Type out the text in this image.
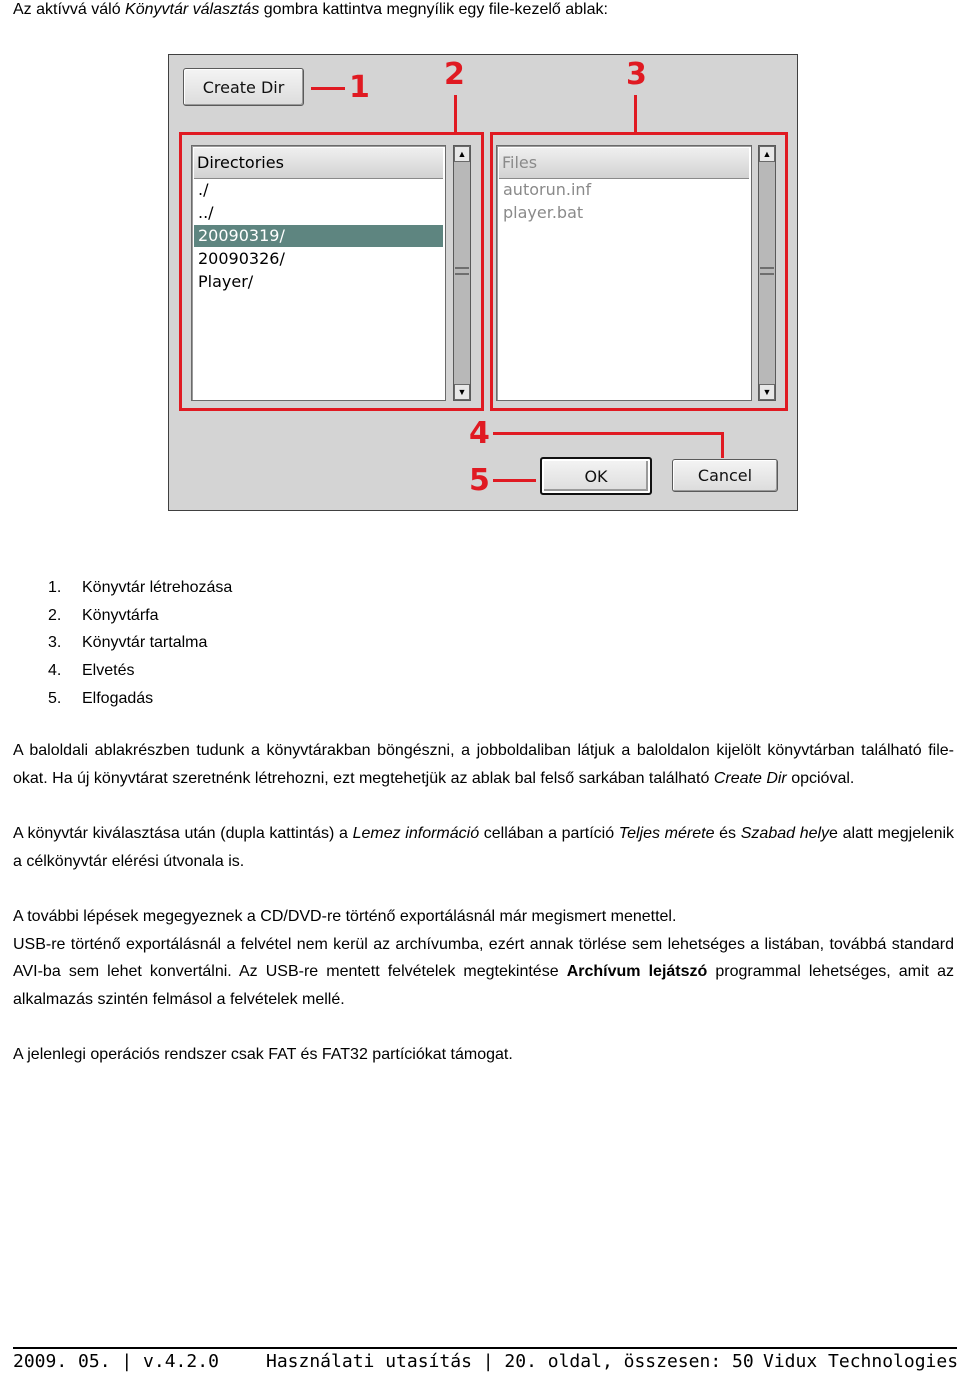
Az aktívvá váló Könyvtár választás gombra kattintva megnyílik egy file-kezelő ablak:
Create Dir	1 2	3
Directories
./
../
20090319/
20090326/
Player/
▲
▼
Files
autorun.inf
player.bat
▲
▼
4
5	OK	Cancel
1.	Könyvtár létrehozása
2.	Könyvtárfa
3.	Könyvtár tartalma
4.	Elvetés
5.	Elfogadás

A baloldali ablakrészben tudunk a könyvtárakban böngészni, a jobboldaliban látjuk a baloldalon kijelölt könyvtárban található file-okat. Ha új könyvtárat szeretnénk létrehozni, ezt megtehetjük az ablak bal felső sarkában található Create Dir opcióval.

A könyvtár kiválasztása után (dupla kattintás) a Lemez információ cellában a partíció Teljes mérete és Szabad helye alatt megjelenik a célkönyvtár elérési útvonala is.

A további lépések megegyeznek a CD/DVD-re történő exportálásnál már megismert menettel.

USB-re történő exportálásnál a felvétel nem kerül az archívumba, ezért annak törlése sem lehetséges a listában, továbbá standard AVI-ba sem lehet konvertálni. Az USB-re mentett felvételek megtekintése Archívum lejátszó programmal lehetséges, amit az alkalmazás szintén felmásol a felvételek mellé.

A jelenlegi operációs rendszer csak FAT és FAT32 partíciókat támogat.

2009. 05. | v.4.2.0	Használati utasítás | 20. oldal, összesen: 50 Vidux Technologies
